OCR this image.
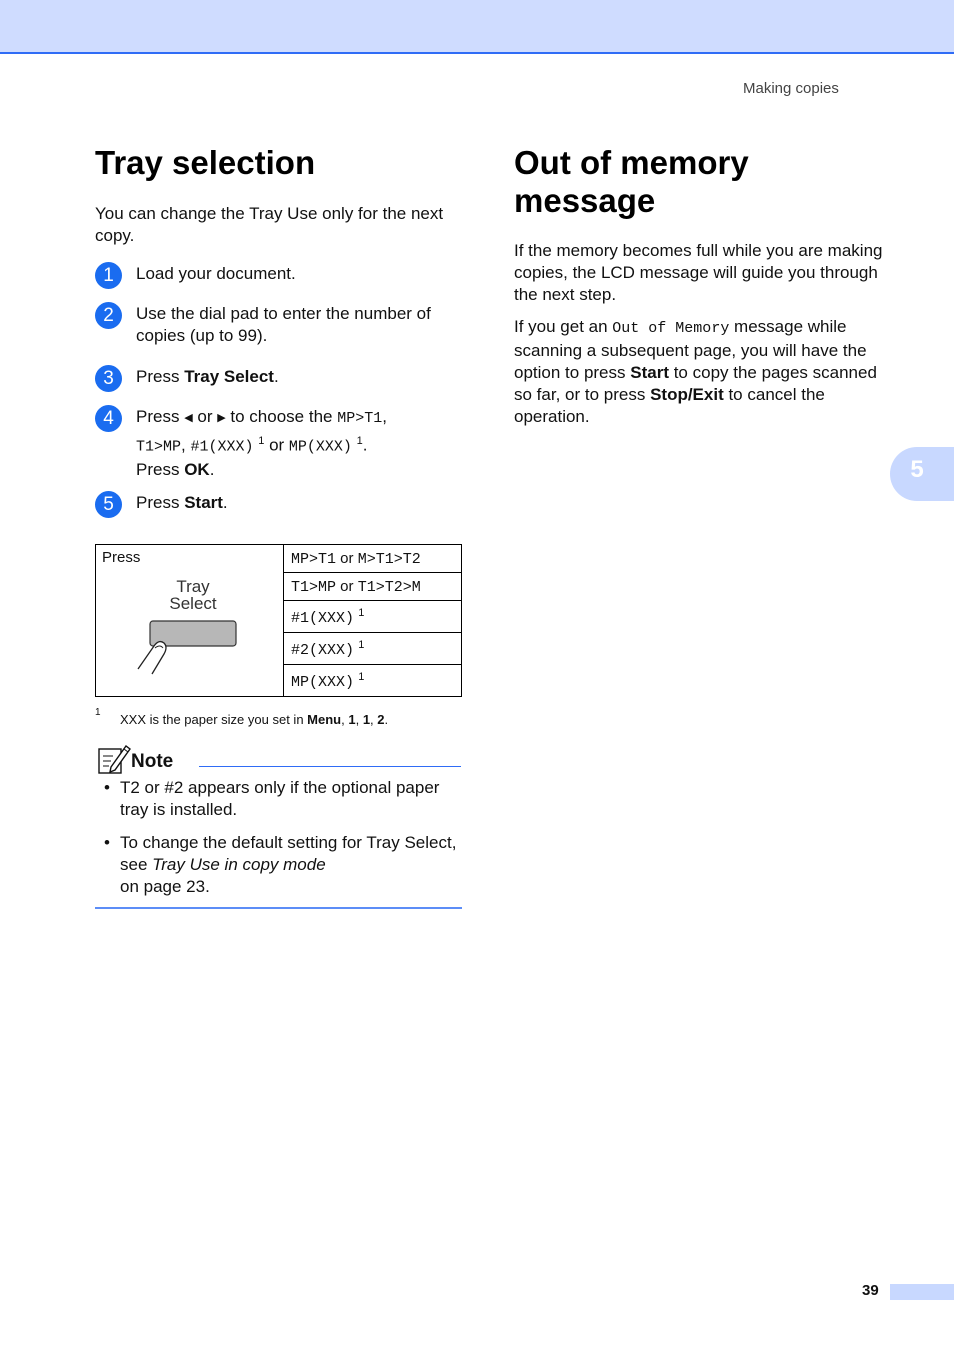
Making copies
5
Tray selection

You can change the Tray Use only for the next copy.

1	Load your document.
2	Use the dial pad to enter the number of copies (up to 99).
3	Press Tray Select.
4	Press ◀ or ▶ to choose the MP>T1,
T1>MP, #1(XXX) $^1$ or MP(XXX) $^1$.
Press OK.
5	Press Start.
Press
Tray
Select
	MP>T1 or M>T1>T2
T1>MP or T1>T2>M
#1(XXX) $^1$
#2(XXX) $^1$
MP(XXX) $^1$
1 XXX is the paper size you set in Menu, 1, 1, 2.
Note
• T2 or #2 appears only if the optional paper tray is installed.
• To change the default setting for Tray Select, see Tray Use in copy mode
on page 23.
Out of memory message

If the memory becomes full while you are making copies, the LCD message will guide you through the next step.

If you get an Out of Memory message while scanning a subsequent page, you will have the option to press Start to copy the pages scanned so far, or to press Stop/Exit to cancel the operation.

39
